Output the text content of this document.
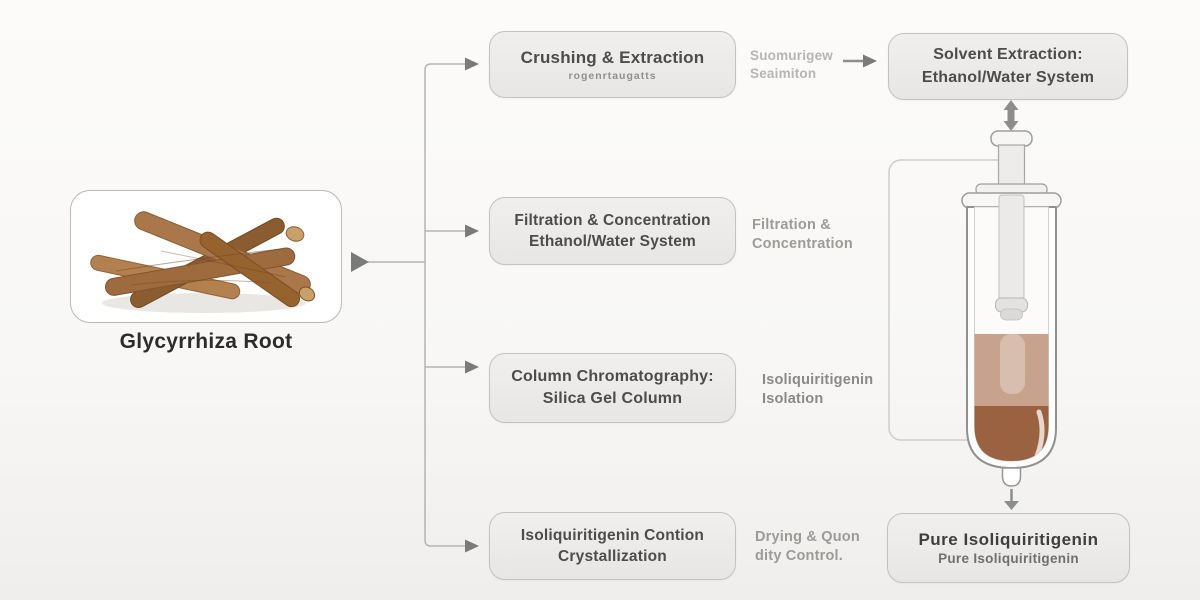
Glycyrrhiza Root
Crushing & Extraction
rogenrtaugatts
Filtration & Concentration
Ethanol/Water System
Column Chromatography:
Silica Gel Column
Isoliquiritigenin Contion
Crystallization
Suomurigew
Seaimiton
Filtration &
Concentration
Isoliquiritigenin
Isolation
Drying & Quon
dity Control.
Solvent Extraction:
Ethanol/Water System
Pure Isoliquiritigenin
Pure Isoliquiritigenin
